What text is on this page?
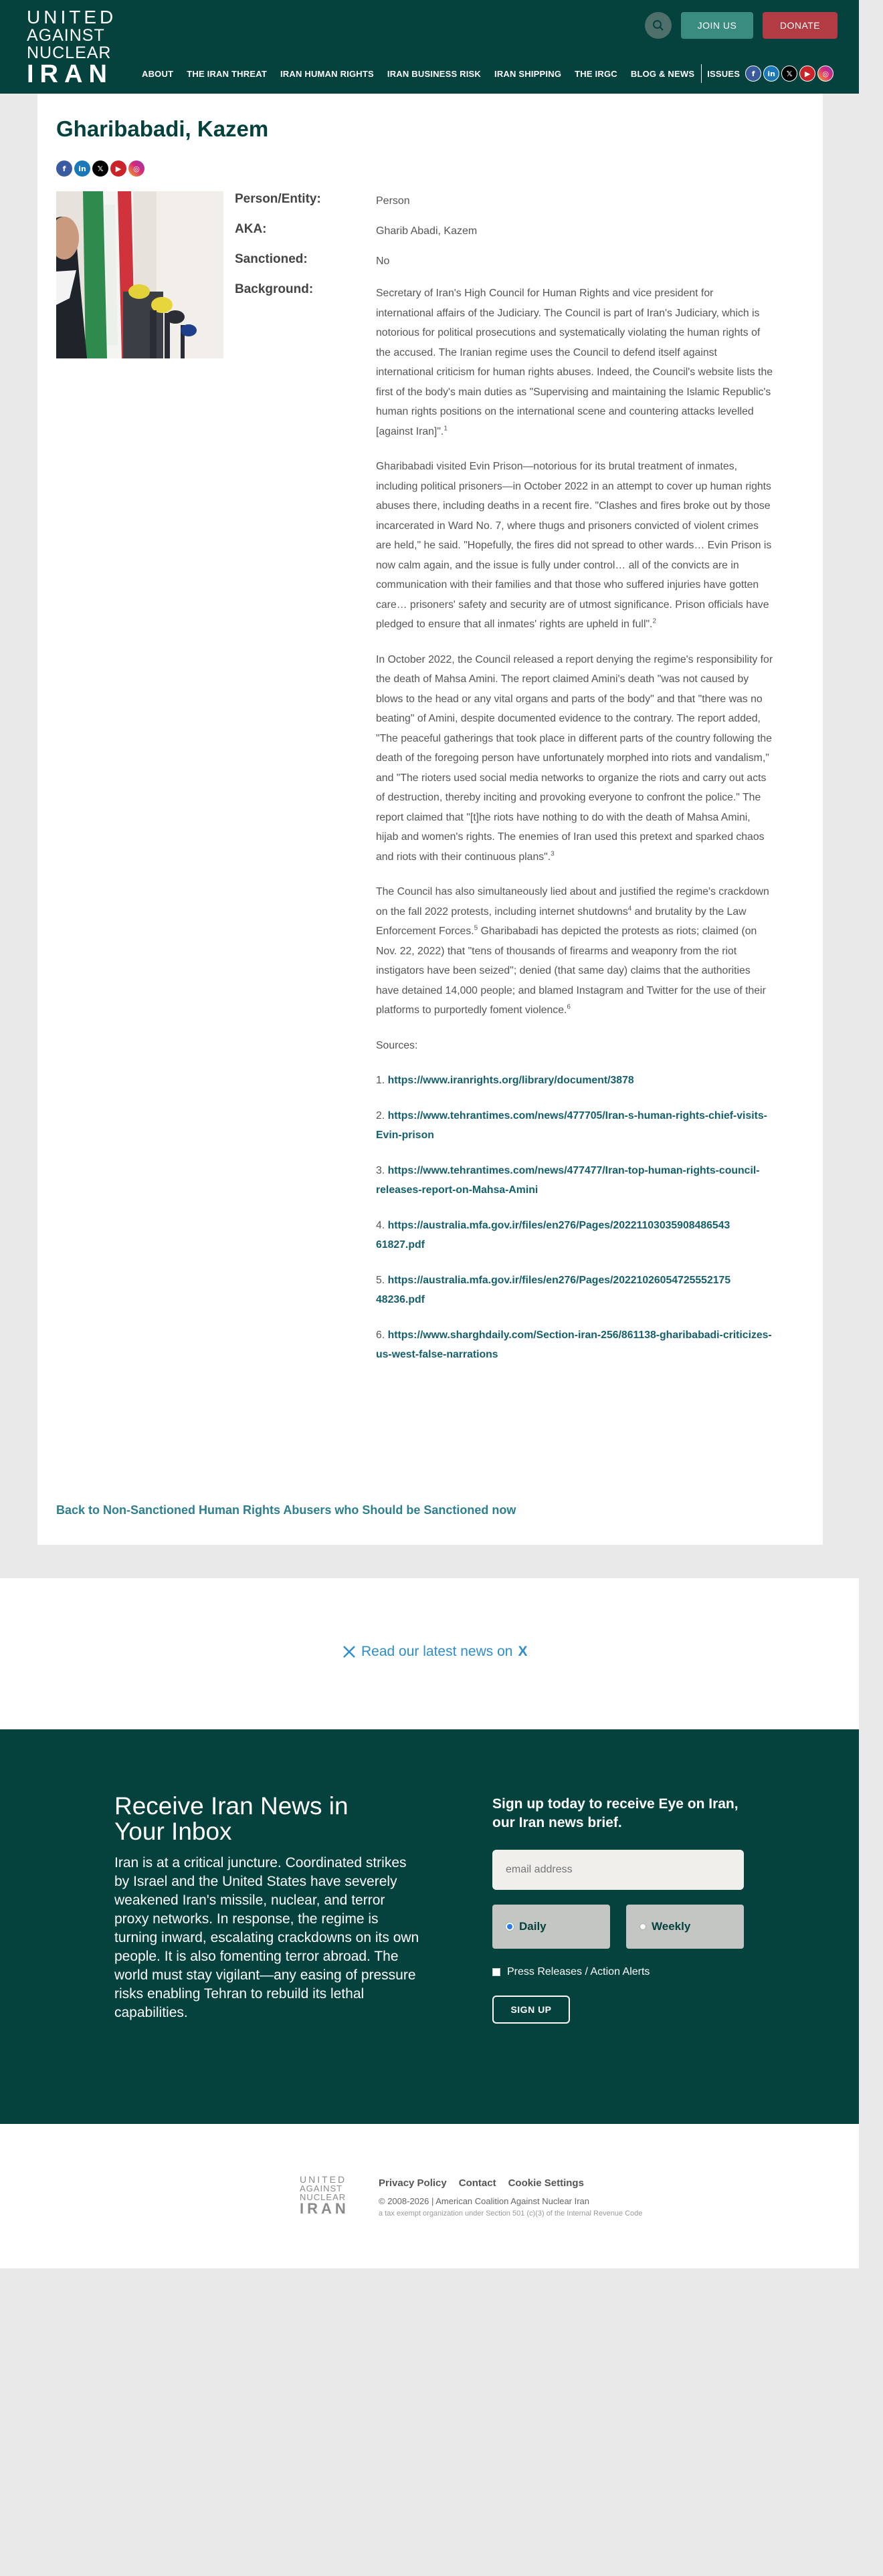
UNITED
AGAINST
NUCLEAR
IRAN
JOIN US	DONATE
ABOUT THE IRAN THREAT IRAN HUMAN RIGHTS IRAN BUSINESS RISK IRAN SHIPPING THE IRGC BLOG & NEWS ISSUES	f	in	𝕏	▶	◎
Gharibabadi, Kazem
f	in	𝕏	▶	◎
Person/Entity:	Person
AKA:	Gharib Abadi, Kazem
Sanctioned:	No
Background:	Secretary of Iran's High Council for Human Rights and vice president for international affairs of the Judiciary. The Council is part of Iran's Judiciary, which is notorious for political prosecutions and systematically violating the human rights of the accused. The Iranian regime uses the Council to defend itself against international criticism for human rights abuses. Indeed, the Council's website lists the first of the body's main duties as "Supervising and maintaining the Islamic Republic's human rights positions on the international scene and countering attacks levelled [against Iran]".$^1$

Gharibabadi visited Evin Prison—notorious for its brutal treatment of inmates, including political prisoners—in October 2022 in an attempt to cover up human rights abuses there, including deaths in a recent fire. "Clashes and fires broke out by those incarcerated in Ward No. 7, where thugs and prisoners convicted of violent crimes are held," he said. "Hopefully, the fires did not spread to other wards… Evin Prison is now calm again, and the issue is fully under control… all of the convicts are in communication with their families and that those who suffered injuries have gotten care… prisoners' safety and security are of utmost significance. Prison officials have pledged to ensure that all inmates' rights are upheld in full".$^2$

In October 2022, the Council released a report denying the regime's responsibility for the death of Mahsa Amini. The report claimed Amini's death "was not caused by blows to the head or any vital organs and parts of the body" and that "there was no beating" of Amini, despite documented evidence to the contrary. The report added, "The peaceful gatherings that took place in different parts of the country following the death of the foregoing person have unfortunately morphed into riots and vandalism," and "The rioters used social media networks to organize the riots and carry out acts of destruction, thereby inciting and provoking everyone to confront the police." The report claimed that "[t]he riots have nothing to do with the death of Mahsa Amini, hijab and women's rights. The enemies of Iran used this pretext and sparked chaos and riots with their continuous plans".$^3$

The Council has also simultaneously lied about and justified the regime's crackdown on the fall 2022 protests, including internet shutdowns$^4$ and brutality by the Law Enforcement Forces.$^5$ Gharibabadi has depicted the protests as riots; claimed (on Nov. 22, 2022) that "tens of thousands of firearms and weaponry from the riot instigators have been seized"; denied (that same day) claims that the authorities have detained 14,000 people; and blamed Instagram and Twitter for the use of their platforms to purportedly foment violence.$^6$

Sources:

1. https://www.iranrights.org/library/document/3878

2. https://www.tehrantimes.com/news/477705/Iran-s-human-rights-chief-visits-Evin-prison

3. https://www.tehrantimes.com/news/477477/Iran-top-human-rights-council-releases-report-on-Mahsa-Amini

4. https://australia.mfa.gov.ir/files/en276/Pages/20221103035908486543 61827.pdf

5. https://australia.mfa.gov.ir/files/en276/Pages/20221026054725552175 48236.pdf

6. https://www.sharghdaily.com/Section-iran-256/861138-gharibabadi-criticizes-us-west-false-narrations

Back to Non-Sanctioned Human Rights Abusers who Should be Sanctioned now
Read our latest news on X
Receive Iran News in Your Inbox

Iran is at a critical juncture. Coordinated strikes by Israel and the United States have severely weakened Iran's missile, nuclear, and terror proxy networks. In response, the regime is turning inward, escalating crackdowns on its own people. It is also fomenting terror abroad. The world must stay vigilant—any easing of pressure risks enabling Tehran to rebuild its lethal capabilities.

Sign up today to receive Eye on Iran, our Iran news brief.

email address
Daily	Weekly
Press Releases / Action Alerts
SIGN UP
UNITED
AGAINST
NUCLEAR
IRAN
Privacy Policy Contact Cookie Settings

© 2008-2026 | American Coalition Against Nuclear Iran

a tax exempt organization under Section 501 (c)(3) of the Internal Revenue Code
